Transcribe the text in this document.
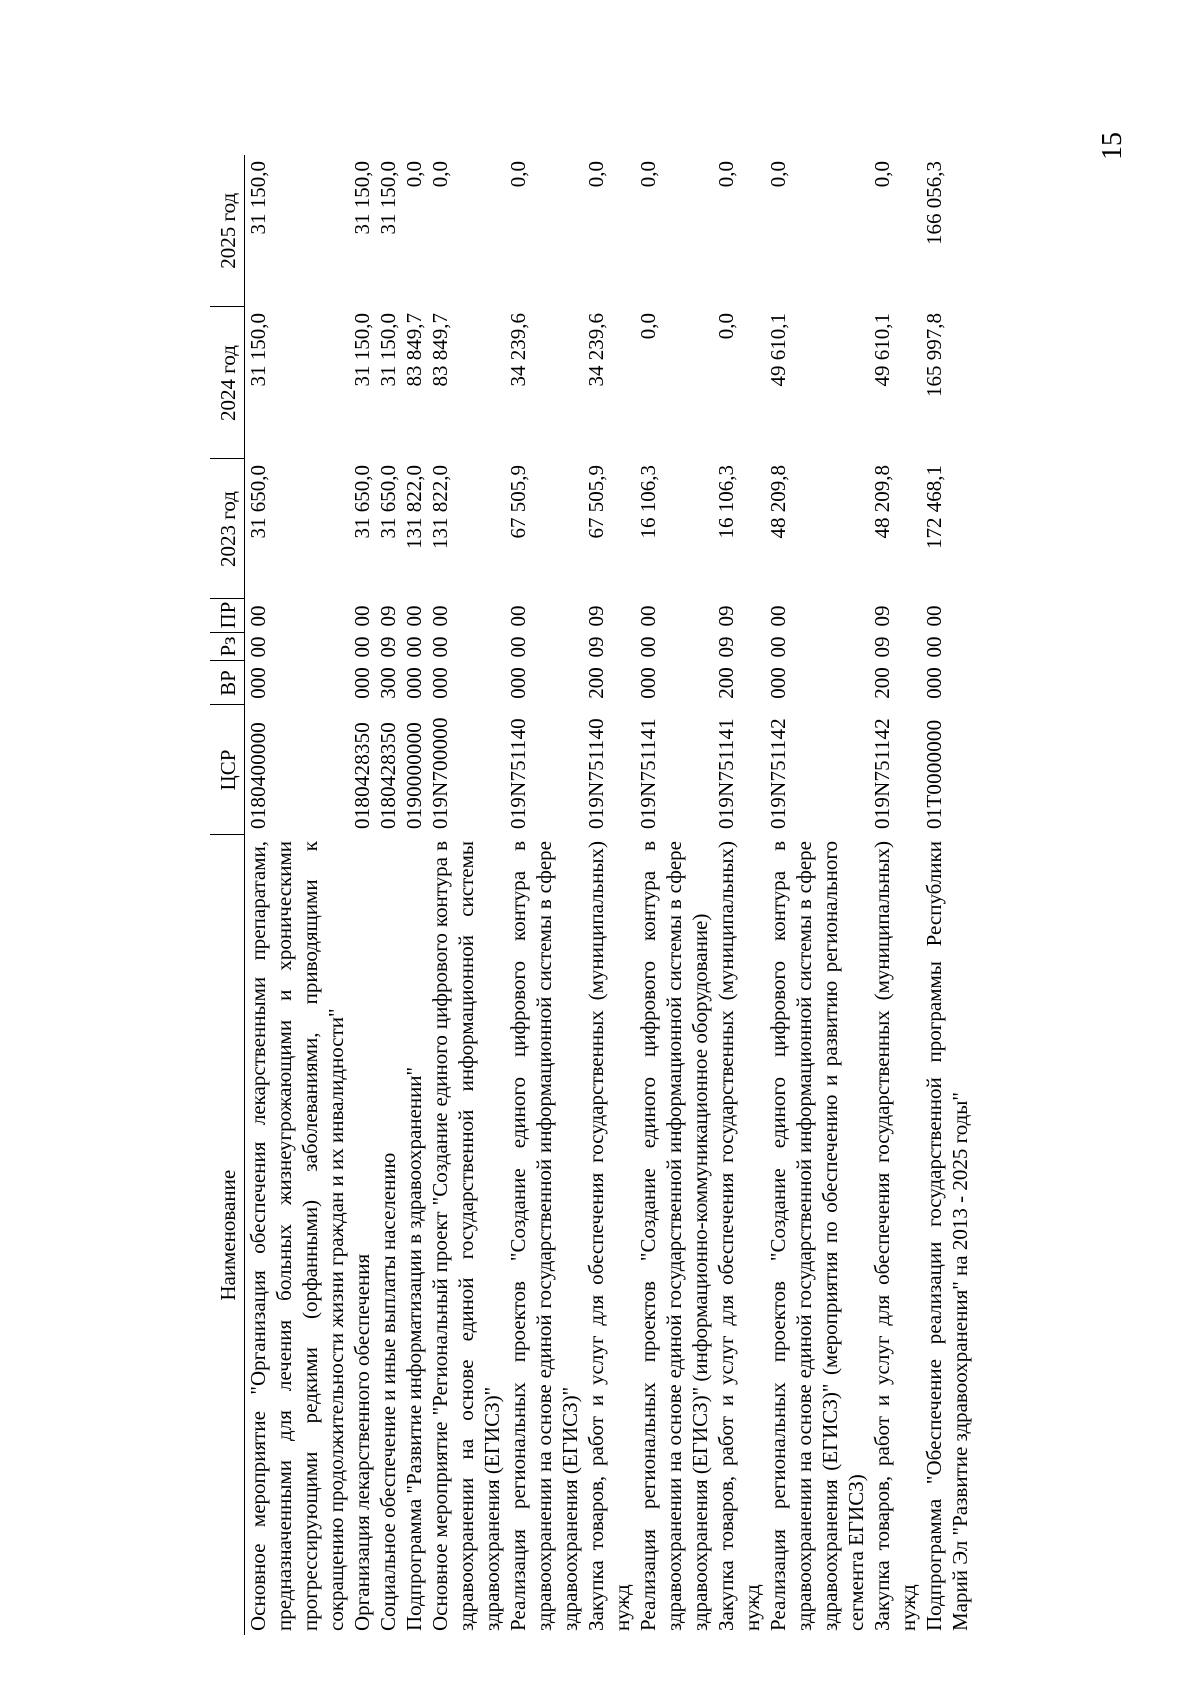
15
Наименование	ЦСР	ВР	Рз	ПР	2023 год	2024 год	2025 год
Основное мероприятие "Организация обеспечения лекарственными препаратами, предназначенными для лечения больных жизнеугрожающими и хроническими прогрессирующими редкими (орфанными) заболеваниями, приводящими к сокращению продолжительности жизни граждан и их инвалидности"	0180400000	000	00	00	31 650,0	31 150,0	31 150,0
Организация лекарственного обеспечения	0180428350	000	00	00	31 650,0	31 150,0	31 150,0
Социальное обеспечение и иные выплаты населению	0180428350	300	09	09	31 650,0	31 150,0	31 150,0
Подпрограмма "Развитие информатизации в здравоохранении"	0190000000	000	00	00	131 822,0	83 849,7	0,0
Основное мероприятие "Региональный проект "Создание единого цифрового контура в здравоохранении на основе единой государственной информационной системы здравоохранения (ЕГИСЗ)"	019N700000	000	00	00	131 822,0	83 849,7	0,0
Реализация региональных проектов "Создание единого цифрового контура в здравоохранении на основе единой государственной информационной системы в сфере здравоохранения (ЕГИСЗ)"	019N751140	000	00	00	67 505,9	34 239,6	0,0
Закупка товаров, работ и услуг для обеспечения государственных (муниципальных) нужд	019N751140	200	09	09	67 505,9	34 239,6	0,0
Реализация региональных проектов "Создание единого цифрового контура в здравоохранении на основе единой государственной информационной системы в сфере здравоохранения (ЕГИСЗ)" (информационно-коммуникационное оборудование)	019N751141	000	00	00	16 106,3	0,0	0,0
Закупка товаров, работ и услуг для обеспечения государственных (муниципальных) нужд	019N751141	200	09	09	16 106,3	0,0	0,0
Реализация региональных проектов "Создание единого цифрового контура в здравоохранении на основе единой государственной информационной системы в сфере здравоохранения (ЕГИСЗ)" (мероприятия по обеспечению и развитию регионального сегмента ЕГИСЗ)	019N751142	000	00	00	48 209,8	49 610,1	0,0
Закупка товаров, работ и услуг для обеспечения государственных (муниципальных) нужд	019N751142	200	09	09	48 209,8	49 610,1	0,0
Подпрограмма "Обеспечение реализации государственной программы Республики Марий Эл "Развитие здравоохранения" на 2013 - 2025 годы"	01Т0000000	000	00	00	172 468,1	165 997,8	166 056,3
